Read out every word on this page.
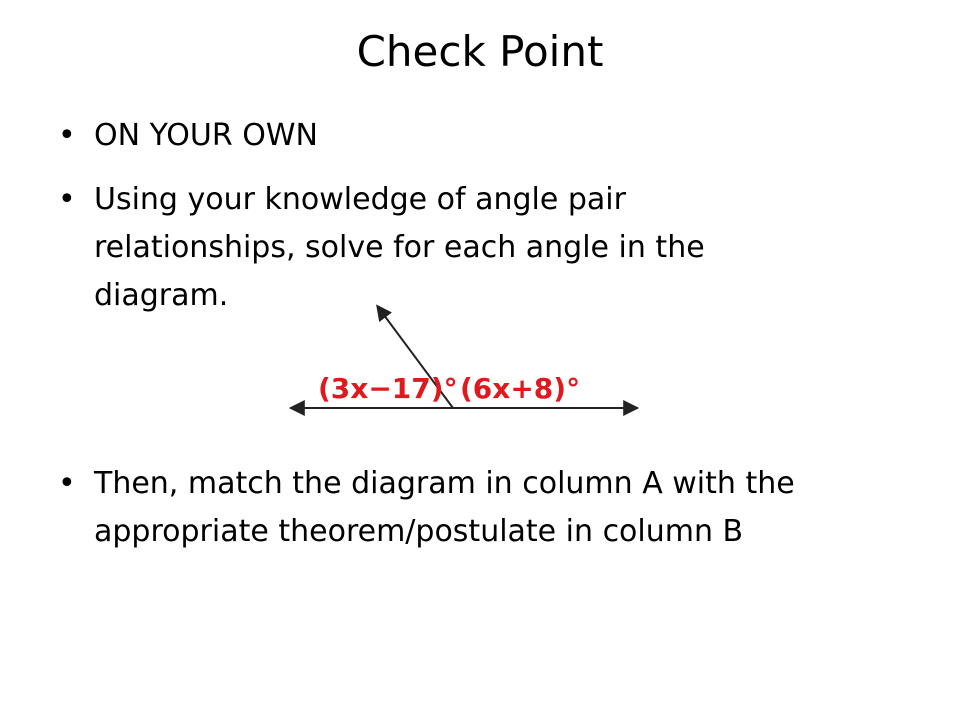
Check Point
• ON YOUR OWN
• Using your knowledge of angle pair
relationships, solve for each angle in the
diagram.
• Then, match the diagram in column A with the
appropriate theorem/postulate in column B
(3x−17)° (6x+8)°
